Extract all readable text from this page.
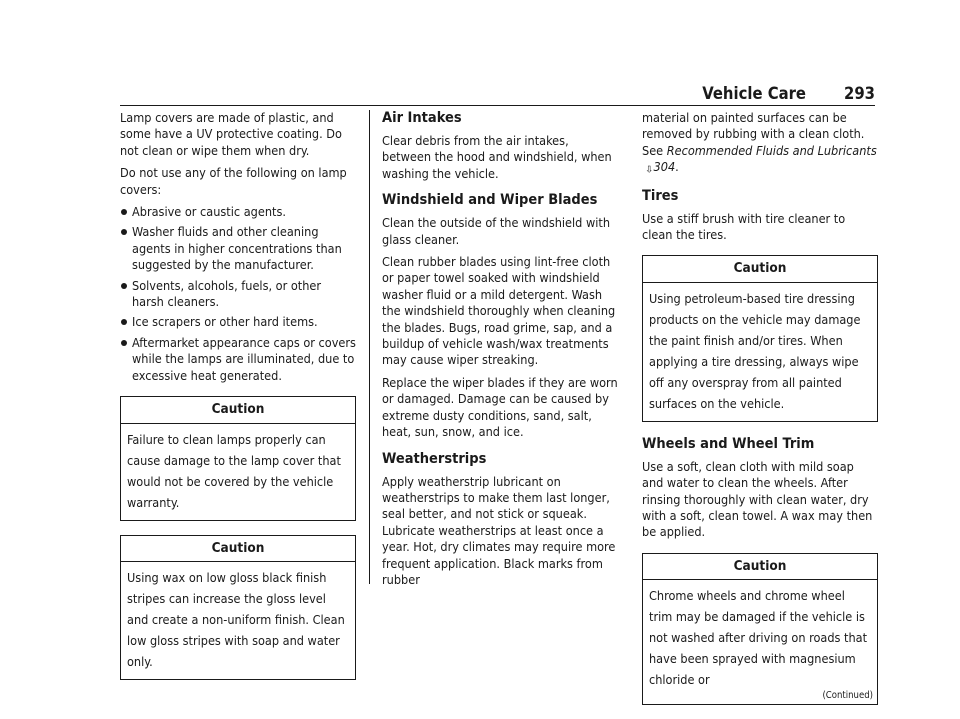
Vehicle Care 293

Lamp covers are made of plastic, and some have a UV protective coating. Do not clean or wipe them when dry.

Do not use any of the following on lamp covers:

Abrasive or caustic agents.
Washer fluids and other cleaning agents in higher concentrations than suggested by the manufacturer.
Solvents, alcohols, fuels, or other harsh cleaners.
Ice scrapers or other hard items.
Aftermarket appearance caps or covers while the lamps are illuminated, due to excessive heat generated.
Caution
Failure to clean lamps properly can cause damage to the lamp cover that would not be covered by the vehicle warranty.
Caution
Using wax on low gloss black finish stripes can increase the gloss level and create a non-uniform finish. Clean low gloss stripes with soap and water only.
Air Intakes

Clear debris from the air intakes, between the hood and windshield, when washing the vehicle.

Windshield and Wiper Blades

Clean the outside of the windshield with glass cleaner.

Clean rubber blades using lint-free cloth or paper towel soaked with windshield washer fluid or a mild detergent. Wash the windshield thoroughly when cleaning the blades. Bugs, road grime, sap, and a buildup of vehicle wash/wax treatments may cause wiper streaking.

Replace the wiper blades if they are worn or damaged. Damage can be caused by extreme dusty conditions, sand, salt, heat, sun, snow, and ice.

Weatherstrips

Apply weatherstrip lubricant on weatherstrips to make them last longer, seal better, and not stick or squeak. Lubricate weatherstrips at least once a year. Hot, dry climates may require more frequent application. Black marks from rubber

material on painted surfaces can be removed by rubbing with a clean cloth. See Recommended Fluids and Lubricants ⇨304.

Tires

Use a stiff brush with tire cleaner to clean the tires.

Caution
Using petroleum-based tire dressing products on the vehicle may damage the paint finish and/or tires. When applying a tire dressing, always wipe off any overspray from all painted surfaces on the vehicle.
Wheels and Wheel Trim

Use a soft, clean cloth with mild soap and water to clean the wheels. After rinsing thoroughly with clean water, dry with a soft, clean towel. A wax may then be applied.

Caution
Chrome wheels and chrome wheel trim may be damaged if the vehicle is not washed after driving on roads that have been sprayed with magnesium chloride or
(Continued)
